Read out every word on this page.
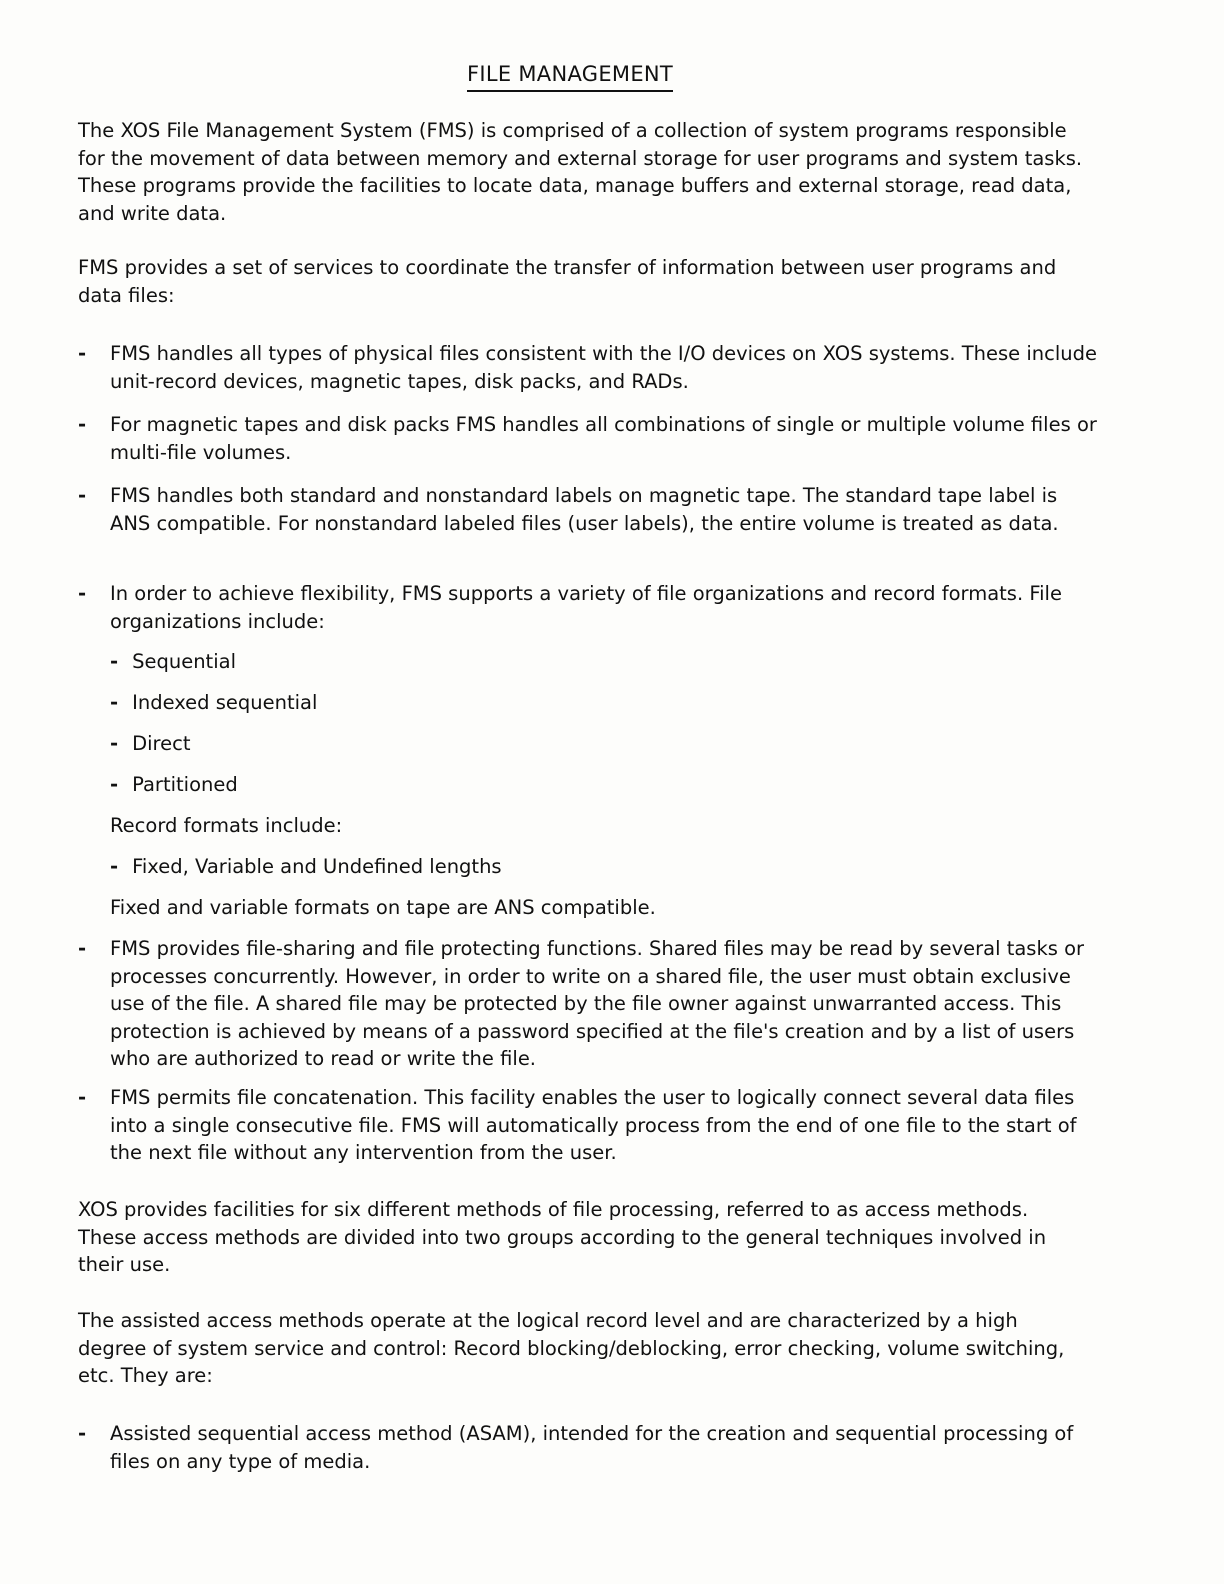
FILE MANAGEMENT

The XOS File Management System (FMS) is comprised of a collection of system programs responsible for the movement of data between memory and external storage for user programs and system tasks. These programs provide the facilities to locate data, manage buffers and external storage, read data, and write data.

FMS provides a set of services to coordinate the transfer of information between user programs and data files:

-	FMS handles all types of physical files consistent with the I/O devices on XOS systems. These include unit-record devices, magnetic tapes, disk packs, and RADs.
-	For magnetic tapes and disk packs FMS handles all combinations of single or multiple volume files or multi-file volumes.
-	FMS handles both standard and nonstandard labels on magnetic tape. The standard tape label is ANS compatible. For nonstandard labeled files (user labels), the entire volume is treated as data.
-	In order to achieve flexibility, FMS supports a variety of file organizations and record formats. File organizations include:
- Sequential
- Indexed sequential
- Direct
- Partitioned
Record formats include:
- Fixed, Variable and Undefined lengths
Fixed and variable formats on tape are ANS compatible.
-	FMS provides file-sharing and file protecting functions. Shared files may be read by several tasks or processes concurrently. However, in order to write on a shared file, the user must obtain exclusive use of the file. A shared file may be protected by the file owner against unwarranted access. This protection is achieved by means of a password specified at the file's creation and by a list of users who are authorized to read or write the file.
-	FMS permits file concatenation. This facility enables the user to logically connect several data files into a single consecutive file. FMS will automatically process from the end of one file to the start of the next file without any intervention from the user.

XOS provides facilities for six different methods of file processing, referred to as access methods. These access methods are divided into two groups according to the general techniques involved in their use.

The assisted access methods operate at the logical record level and are characterized by a high degree of system service and control: Record blocking/deblocking, error checking, volume switching, etc. They are:

-	Assisted sequential access method (ASAM), intended for the creation and sequential processing of files on any type of media.
